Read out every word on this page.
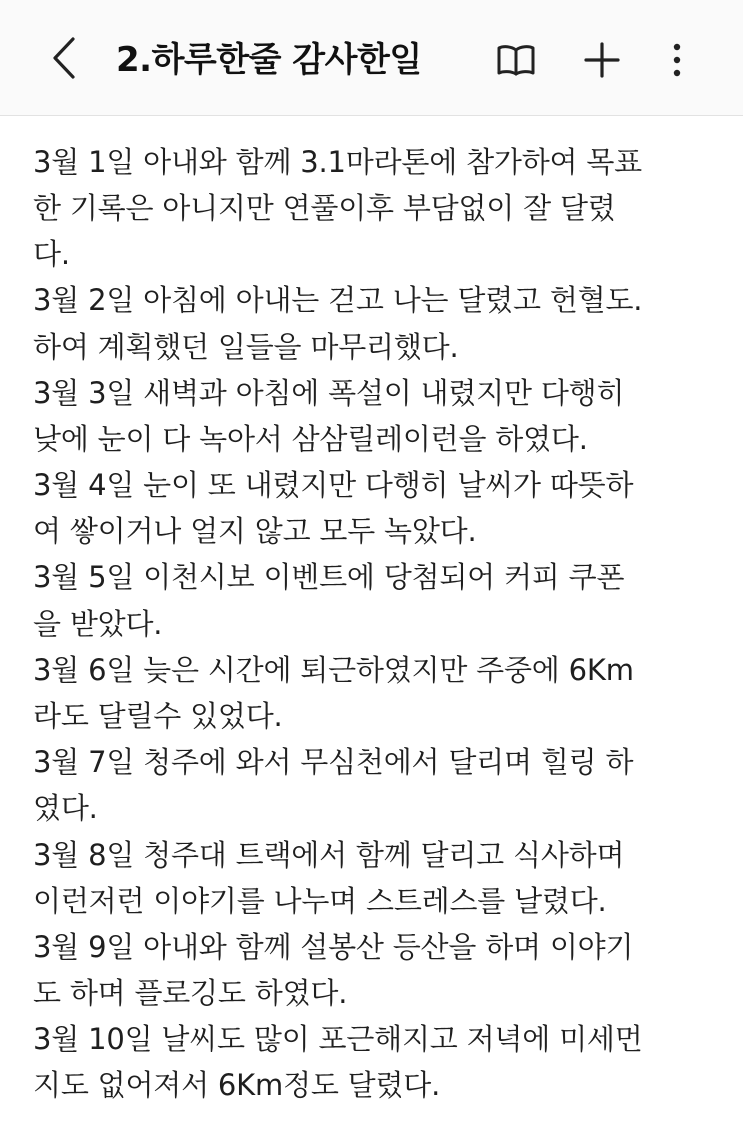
2.하루한줄 감사한일
3월 1일 아내와 함께 3.1마라톤에 참가하여 목표
한 기록은 아니지만 연풀이후 부담없이 잘 달렸
다.
3월 2일 아침에 아내는 걷고 나는 달렸고 헌혈도.
하여 계획했던 일들을 마무리했다.
3월 3일 새벽과 아침에 폭설이 내렸지만 다행히
낮에 눈이 다 녹아서 삼삼릴레이런을 하였다.
3월 4일 눈이 또 내렸지만 다행히 날씨가 따뜻하
여 쌓이거나 얼지 않고 모두 녹았다.
3월 5일 이천시보 이벤트에 당첨되어 커피 쿠폰
을 받았다.
3월 6일 늦은 시간에 퇴근하였지만 주중에 6Km
라도 달릴수 있었다.
3월 7일 청주에 와서 무심천에서 달리며 힐링 하
였다.
3월 8일 청주대 트랙에서 함께 달리고 식사하며
이런저런 이야기를 나누며 스트레스를 날렸다.
3월 9일 아내와 함께 설봉산 등산을 하며 이야기
도 하며 플로깅도 하였다.
3월 10일 날씨도 많이 포근해지고 저녁에 미세먼
지도 없어져서 6Km정도 달렸다.
